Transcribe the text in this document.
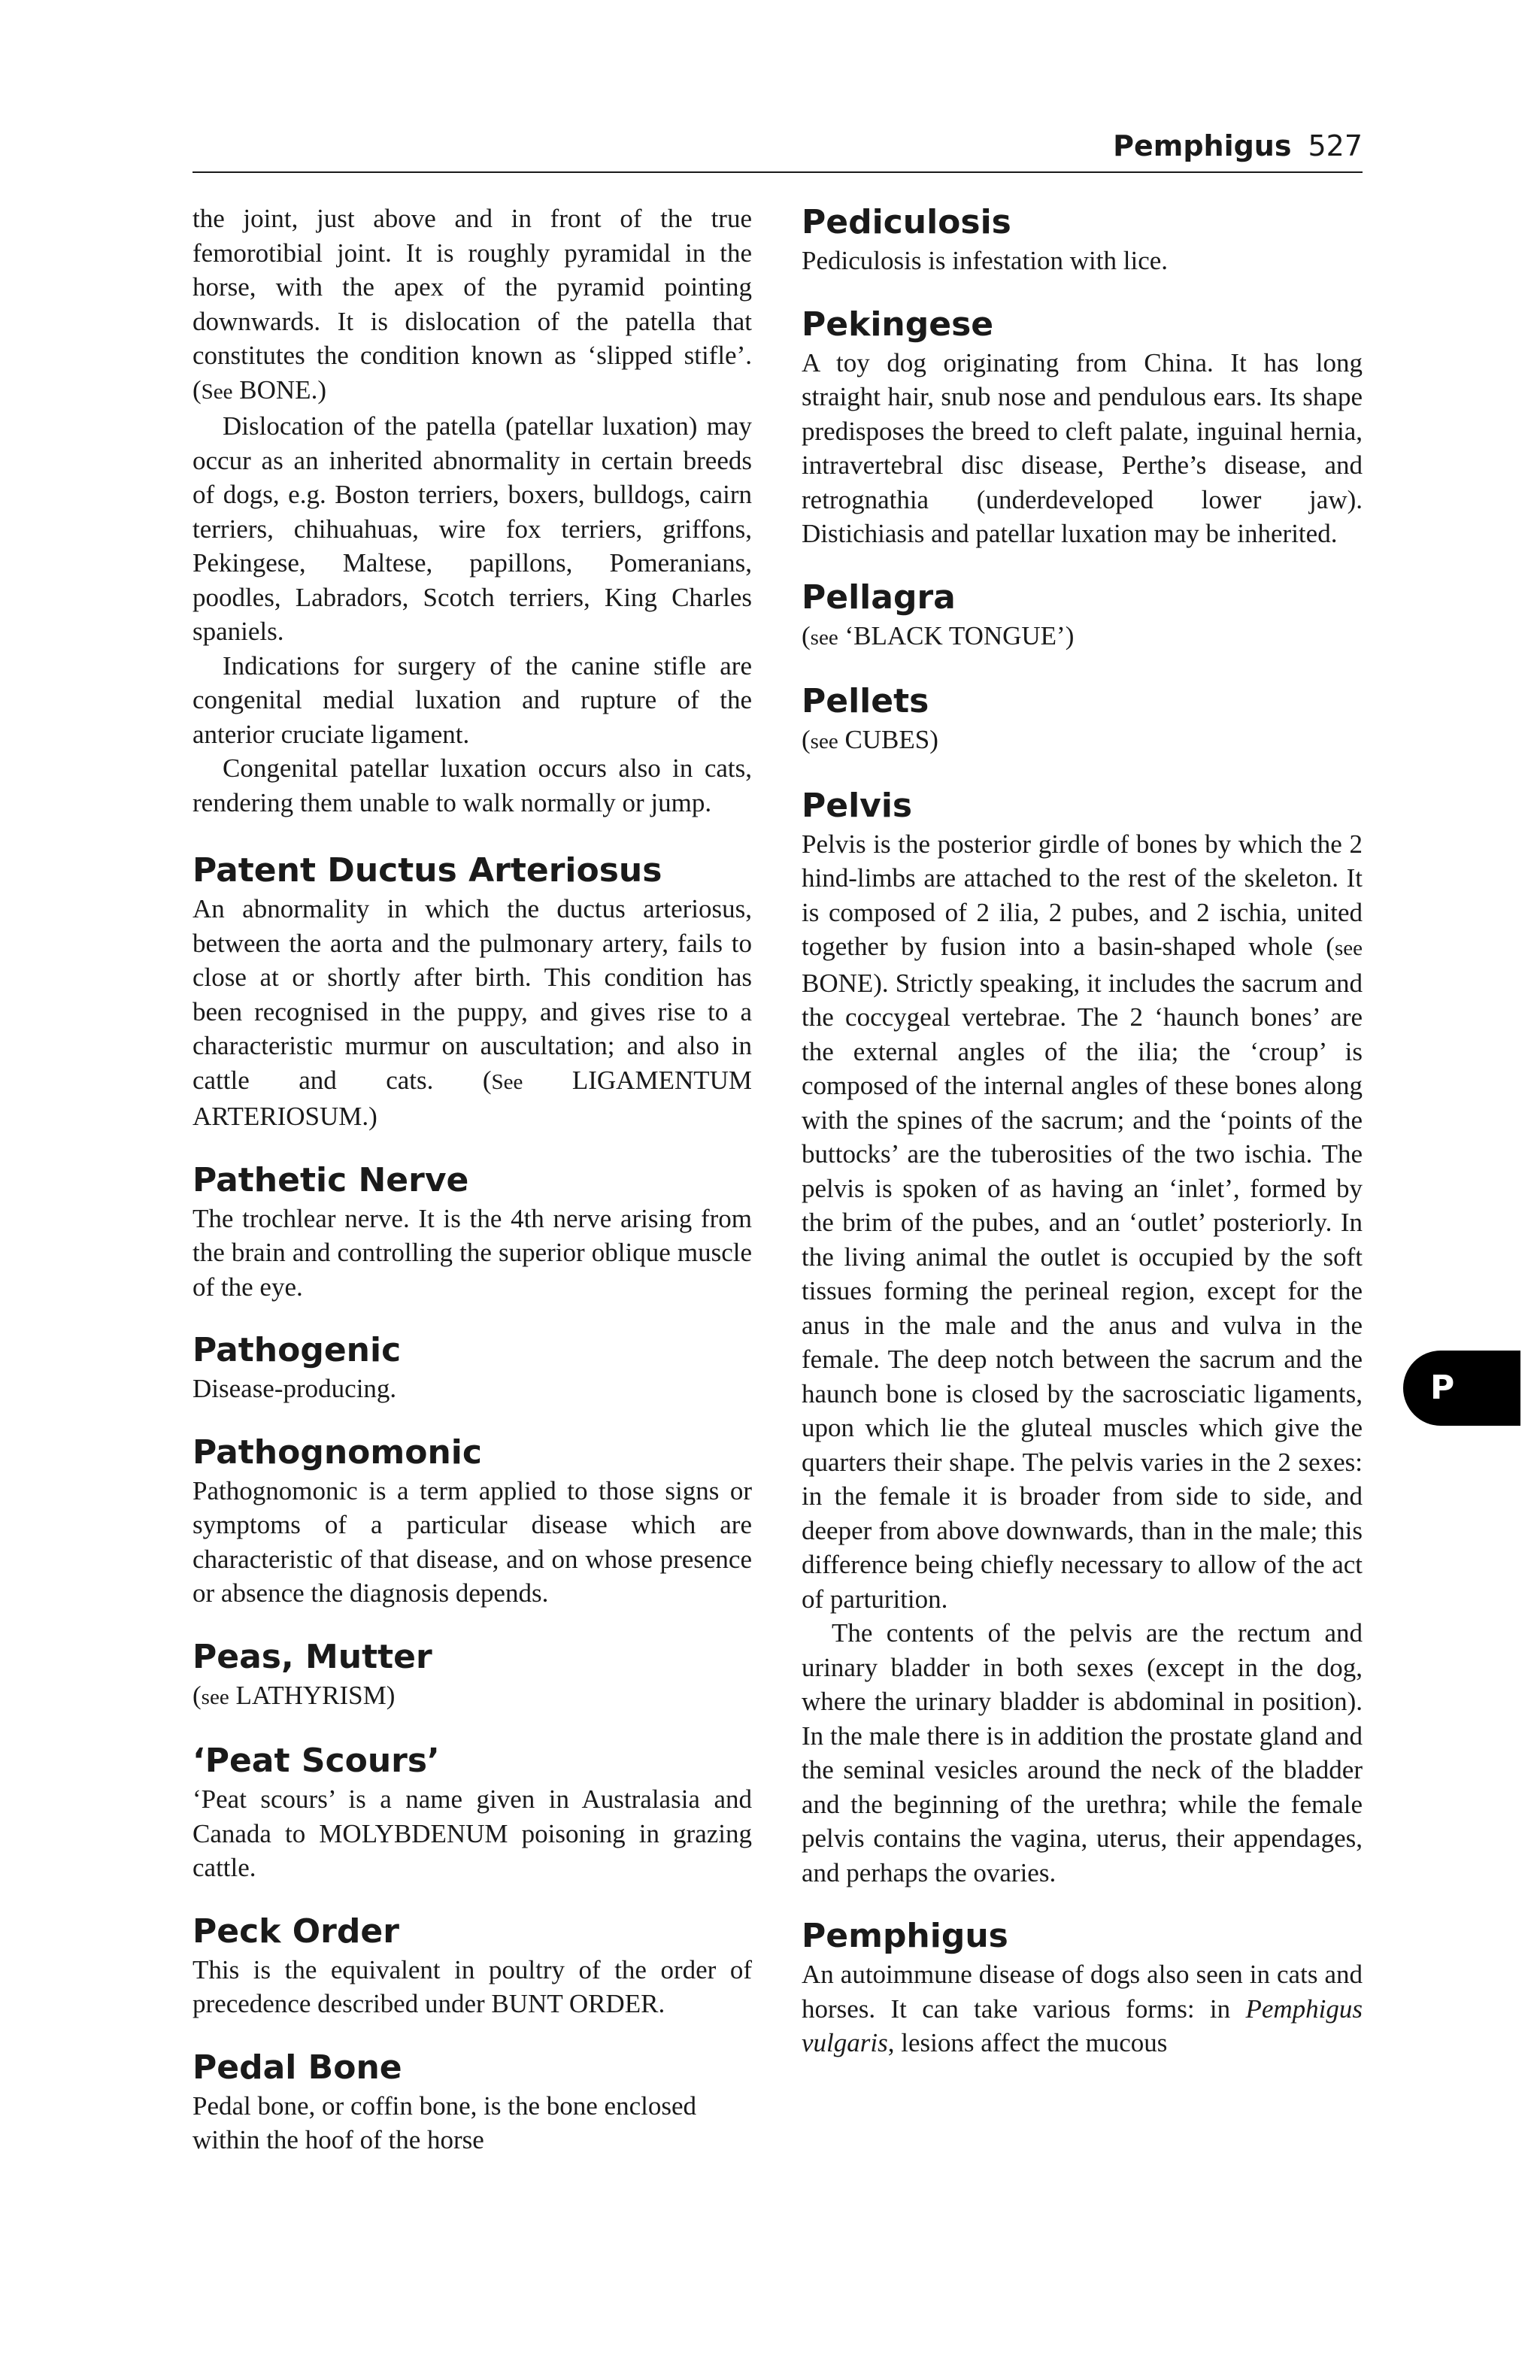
Pemphigus 527

the joint, just above and in front of the true femorotibial joint. It is roughly pyramidal in the horse, with the apex of the pyramid pointing downwards. It is dislocation of the patella that constitutes the condition known as ‘slipped stifle’. (See BONE.)

Dislocation of the patella (patellar luxation) may occur as an inherited abnormality in certain breeds of dogs, e.g. Boston terriers, boxers, bulldogs, cairn terriers, chihuahuas, wire fox terriers, griffons, Pekingese, Maltese, papillons, Pomeranians, poodles, Labradors, Scotch terriers, King Charles spaniels.

Indications for surgery of the canine stifle are congenital medial luxation and rupture of the anterior cruciate ligament.

Congenital patellar luxation occurs also in cats, rendering them unable to walk normally or jump.

Patent Ductus Arteriosus

An abnormality in which the ductus arteriosus, between the aorta and the pulmonary artery, fails to close at or shortly after birth. This condition has been recognised in the puppy, and gives rise to a characteristic murmur on auscultation; and also in cattle and cats. (See LIGAMENTUM ARTERIOSUM.)

Pathetic Nerve

The trochlear nerve. It is the 4th nerve arising from the brain and controlling the superior oblique muscle of the eye.

Pathogenic

Disease-producing.

Pathognomonic

Pathognomonic is a term applied to those signs or symptoms of a particular disease which are characteristic of that disease, and on whose presence or absence the diagnosis depends.

Peas, Mutter

(see LATHYRISM)

‘Peat Scours’

‘Peat scours’ is a name given in Australasia and Canada to MOLYBDENUM poisoning in grazing cattle.

Peck Order

This is the equivalent in poultry of the order of precedence described under BUNT ORDER.

Pedal Bone

Pedal bone, or coffin bone, is the bone enclosed within the hoof of the horse

Pediculosis

Pediculosis is infestation with lice.

Pekingese

A toy dog originating from China. It has long straight hair, snub nose and pendulous ears. Its shape predisposes the breed to cleft palate, inguinal hernia, intravertebral disc disease, Perthe’s disease, and retrognathia (underdeveloped lower jaw). Distichiasis and patellar luxation may be inherited.

Pellagra

(see ‘BLACK TONGUE’)

Pellets

(see CUBES)

Pelvis

Pelvis is the posterior girdle of bones by which the 2 hind-limbs are attached to the rest of the skeleton. It is composed of 2 ilia, 2 pubes, and 2 ischia, united together by fusion into a basin-shaped whole (see BONE). Strictly speaking, it includes the sacrum and the coccygeal vertebrae. The 2 ‘haunch bones’ are the external angles of the ilia; the ‘croup’ is composed of the internal angles of these bones along with the spines of the sacrum; and the ‘points of the buttocks’ are the tuberosities of the two ischia. The pelvis is spoken of as having an ‘inlet’, formed by the brim of the pubes, and an ‘outlet’ posteriorly. In the living animal the outlet is occupied by the soft tissues forming the perineal region, except for the anus in the male and the anus and vulva in the female. The deep notch between the sacrum and the haunch bone is closed by the sacrosciatic ligaments, upon which lie the gluteal muscles which give the quarters their shape. The pelvis varies in the 2 sexes: in the female it is broader from side to side, and deeper from above downwards, than in the male; this difference being chiefly necessary to allow of the act of parturition.

The contents of the pelvis are the rectum and urinary bladder in both sexes (except in the dog, where the urinary bladder is abdominal in position). In the male there is in addition the prostate gland and the seminal vesicles around the neck of the bladder and the beginning of the urethra; while the female pelvis contains the vagina, uterus, their appendages, and perhaps the ovaries.

Pemphigus

An autoimmune disease of dogs also seen in cats and horses. It can take various forms: in Pemphigus vulgaris, lesions affect the mucous

P
